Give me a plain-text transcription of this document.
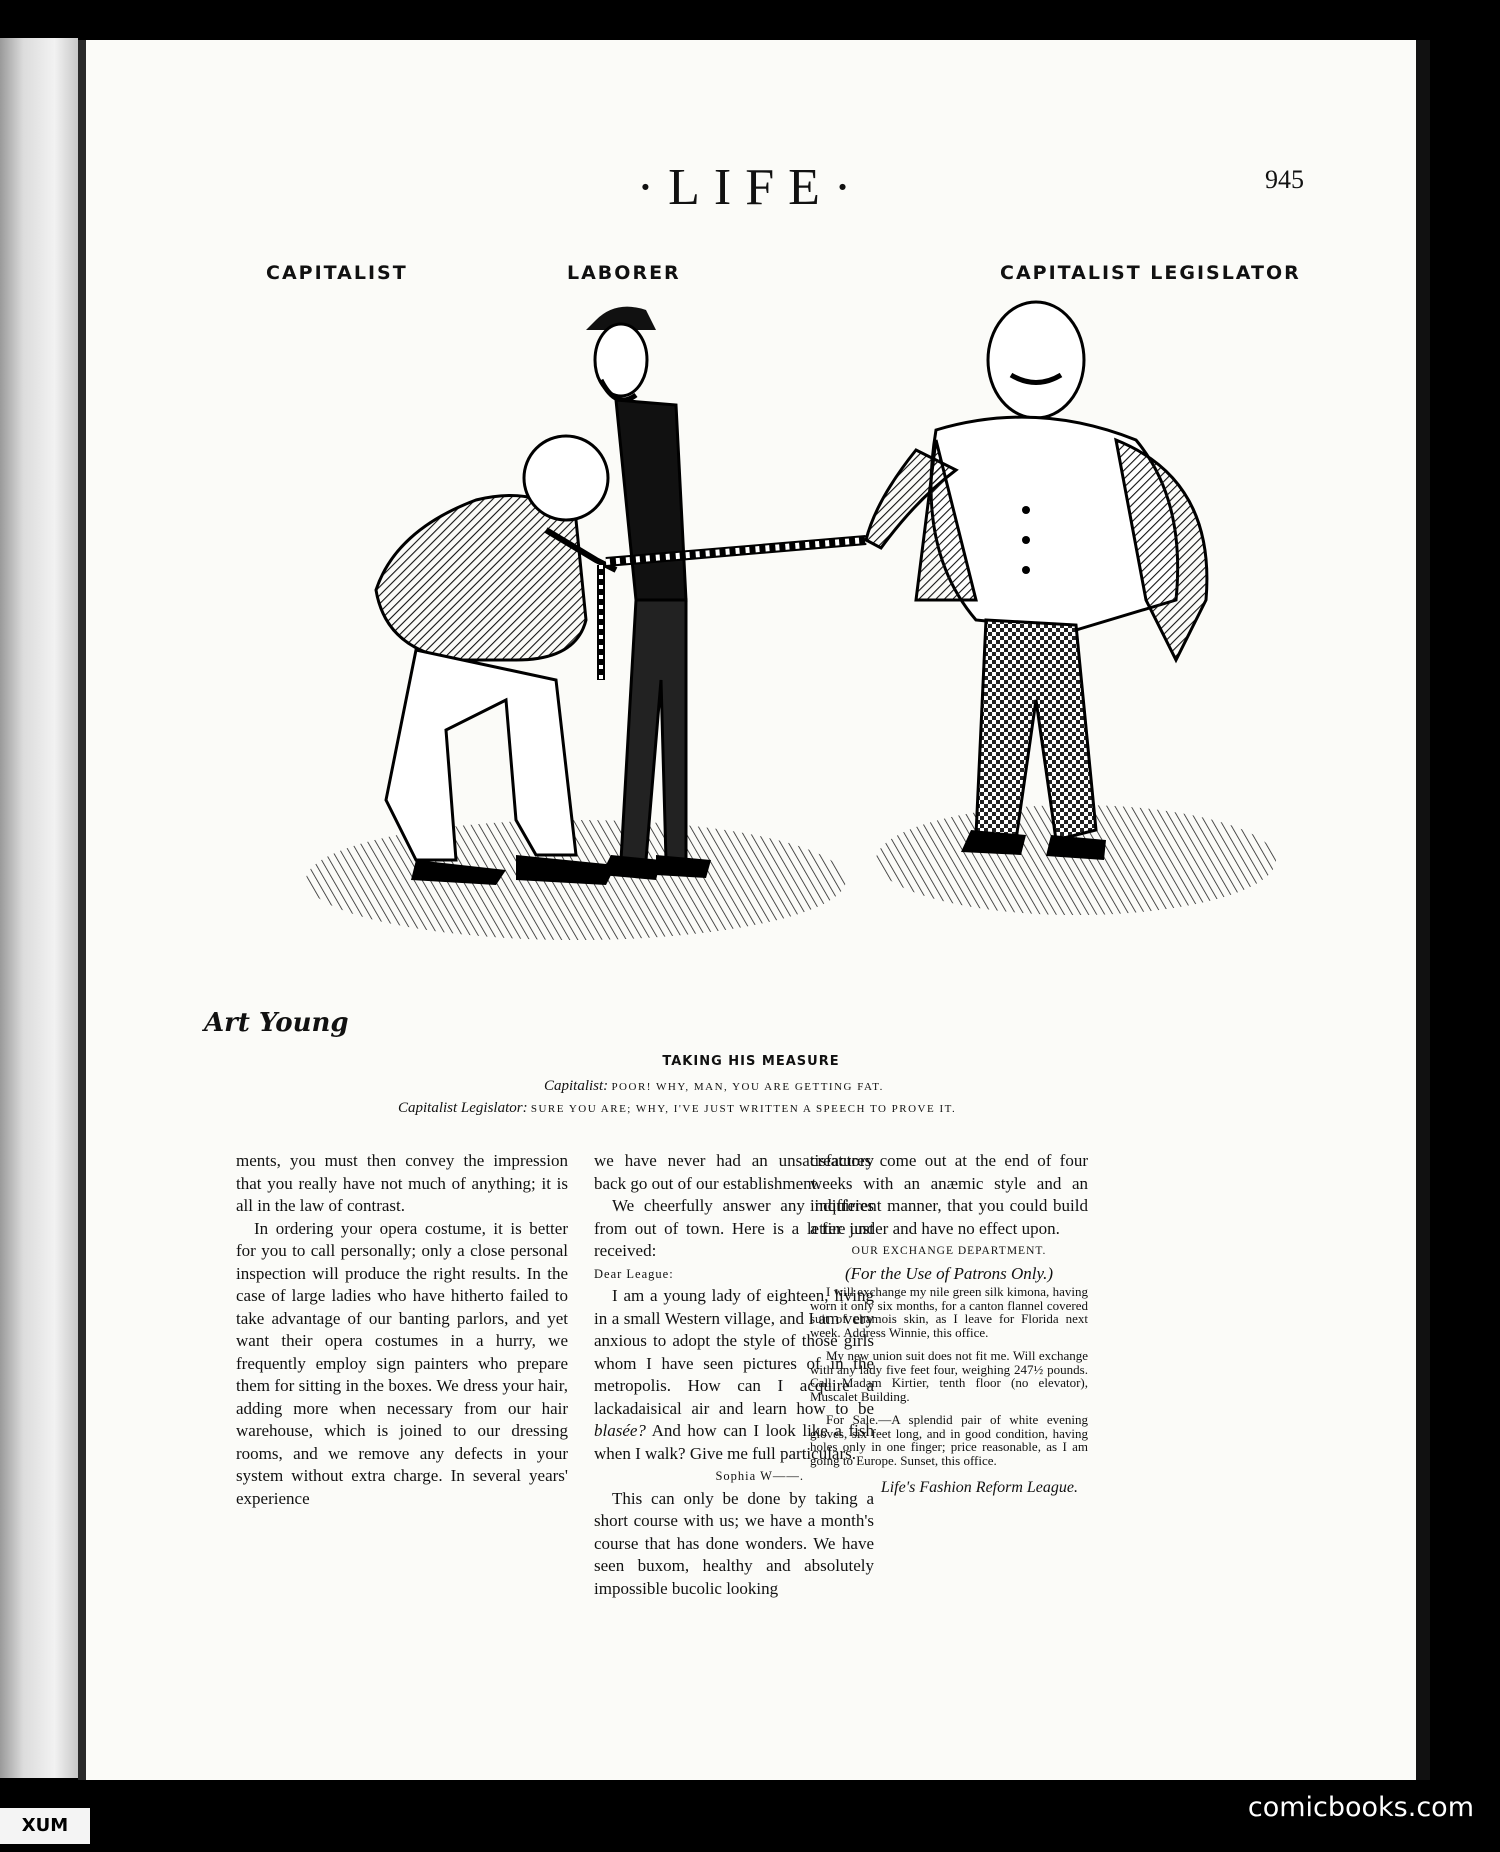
·LIFE·	945
CAPITALIST	LABORER	CAPITALIST LEGISLATOR
Art Young
TAKING HIS MEASURE
Capitalist: POOR! WHY, MAN, YOU ARE GETTING FAT.
Capitalist Legislator: SURE YOU ARE; WHY, I'VE JUST WRITTEN A SPEECH TO PROVE IT.

ments, you must then convey the impression that you really have not much of anything; it is all in the law of contrast.

In ordering your opera costume, it is better for you to call personally; only a close personal inspection will produce the right results. In the case of large ladies who have hitherto failed to take advantage of our banting parlors, and yet want their opera costumes in a hurry, we frequently employ sign painters who prepare them for sitting in the boxes. We dress your hair, adding more when necessary from our hair warehouse, which is joined to our dressing rooms, and we remove any defects in your system without extra charge. In several years' experience

we have never had an unsatisfactory back go out of our establishment.

We cheerfully answer any inquiries from out of town. Here is a letter just received:

Dear League:

I am a young lady of eighteen, living in a small Western village, and I am very anxious to adopt the style of those girls whom I have seen pictures of in the metropolis. How can I acquire a lackadaisical air and learn how to be blasée? And how can I look like a fish when I walk? Give me full particulars.

Sophia W——.

This can only be done by taking a short course with us; we have a month's course that has done wonders. We have seen buxom, healthy and absolutely impossible bucolic looking

creatures come out at the end of four weeks with an anæmic style and an indifferent manner, that you could build a fire under and have no effect upon.

OUR EXCHANGE DEPARTMENT.

(For the Use of Patrons Only.)

I will exchange my nile green silk kimona, having worn it only six months, for a canton flannel covered suit of chamois skin, as I leave for Florida next week. Address Winnie, this office.

My new union suit does not fit me. Will exchange with any lady five feet four, weighing 247½ pounds. Call Madam Kirtier, tenth floor (no elevator), Muscalet Building.

For Sale.—A splendid pair of white evening gloves, six feet long, and in good condition, having holes only in one finger; price reasonable, as I am going to Europe. Sunset, this office.

Life's Fashion Reform League.

XUM
comicbooks.com
